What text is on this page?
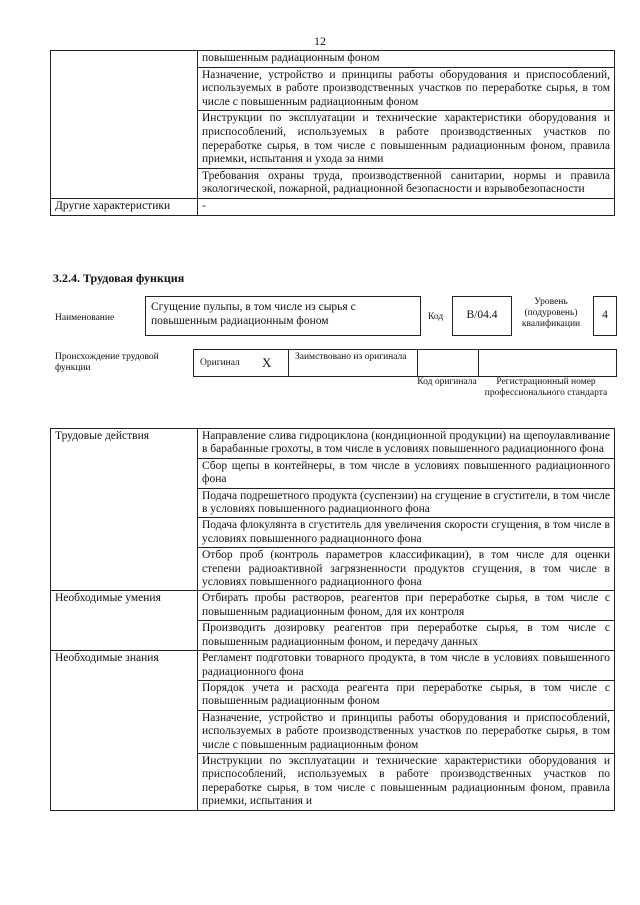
12
	повышенным радиационным фоном
	Назначение, устройство и принципы работы оборудования и приспособлений, используемых в работе производственных участков по переработке сырья, в том числе с повышенным радиационным фоном
	Инструкции по эксплуатации и технические характеристики оборудования и приспособлений, используемых в работе производственных участков по переработке сырья, в том числе с повышенным радиационным фоном, правила приемки, испытания и ухода за ними
	Требования охраны труда, производственной санитарии, нормы и правила экологической, пожарной, радиационной безопасности и взрывобезопасности
Другие характеристики	-
3.2.4. Трудовая функция
Наименование
Сгущение пульпы, в том числе из сырья с повышенным радиационным фоном	Код	B/04.4
Уровень (подуровень) квалификации
4
Происхождение трудовой функции	Оригинал X	Заимствовано из оригинала
Код оригинала	Регистрационный номер профессионального стандарта
Трудовые действия	Направление слива гидроциклона (кондиционной продукции) на щепоулавливание в барабанные грохоты, в том числе в условиях повышенного радиационного фона
	Сбор щепы в контейнеры, в том числе в условиях повышенного радиационного фона
	Подача подрешетного продукта (суспензии) на сгущение в сгустители, в том числе в условиях повышенного радиационного фона
	Подача флокулянта в сгуститель для увеличения скорости сгущения, в том числе в условиях повышенного радиационного фона
	Отбор проб (контроль параметров классификации), в том числе для оценки степени радиоактивной загрязненности продуктов сгущения, в том числе в условиях повышенного радиационного фона
Необходимые умения	Отбирать пробы растворов, реагентов при переработке сырья, в том числе с повышенным радиационным фоном, для их контроля
	Производить дозировку реагентов при переработке сырья, в том числе с повышенным радиационным фоном, и передачу данных
Необходимые знания	Регламент подготовки товарного продукта, в том числе в условиях повышенного радиационного фона
	Порядок учета и расхода реагента при переработке сырья, в том числе с повышенным радиационным фоном
	Назначение, устройство и принципы работы оборудования и приспособлений, используемых в работе производственных участков по переработке сырья, в том числе с повышенным радиационным фоном
	Инструкции по эксплуатации и технические характеристики оборудования и приспособлений, используемых в работе производственных участков по переработке сырья, в том числе с повышенным радиационным фоном, правила приемки, испытания и
